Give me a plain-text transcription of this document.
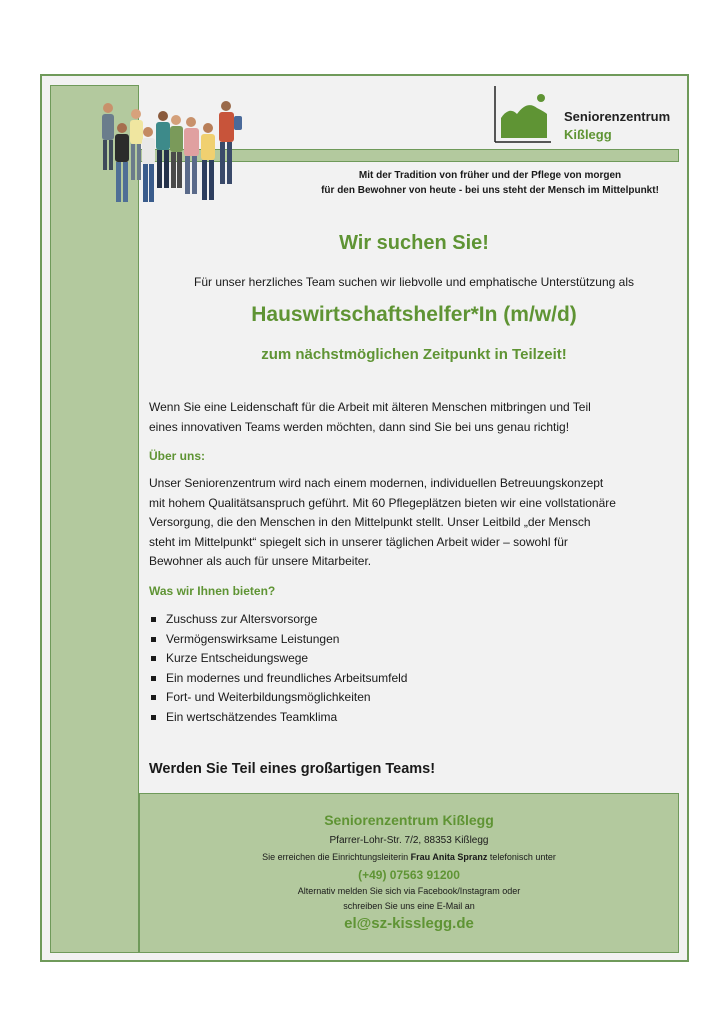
Seniorenzentrum
Kißlegg
Mit der Tradition von früher und der Pflege von morgen
für den Bewohner von heute - bei uns steht der Mensch im Mittelpunkt!
Wir suchen Sie!
Für unser herzliches Team suchen wir liebvolle und emphatische Unterstützung als
Hauswirtschaftshelfer*In (m/w/d)
zum nächstmöglichen Zeitpunkt in Teilzeit!
Wenn Sie eine Leidenschaft für die Arbeit mit älteren Menschen mitbringen und Teil
eines innovativen Teams werden möchten, dann sind Sie bei uns genau richtig!
Über uns:
Unser Seniorenzentrum wird nach einem modernen, individuellen Betreuungskonzept
mit hohem Qualitätsanspruch geführt. Mit 60 Pflegeplätzen bieten wir eine vollstationäre
Versorgung, die den Menschen in den Mittelpunkt stellt. Unser Leitbild „der Mensch
steht im Mittelpunkt“ spiegelt sich in unserer täglichen Arbeit wider – sowohl für
Bewohner als auch für unsere Mitarbeiter.
Was wir Ihnen bieten?
Zuschuss zur Altersvorsorge
Vermögenswirksame Leistungen
Kurze Entscheidungswege
Ein modernes und freundliches Arbeitsumfeld
Fort- und Weiterbildungsmöglichkeiten
Ein wertschätzendes Teamklima
Werden Sie Teil eines großartigen Teams!
Seniorenzentrum Kißlegg
Pfarrer-Lohr-Str. 7/2, 88353 Kißlegg
Sie erreichen die Einrichtungsleiterin Frau Anita Spranz telefonisch unter
(+49) 07563 91200
Alternativ melden Sie sich via Facebook/Instagram oder
schreiben Sie uns eine E-Mail an
el@sz-kisslegg.de
